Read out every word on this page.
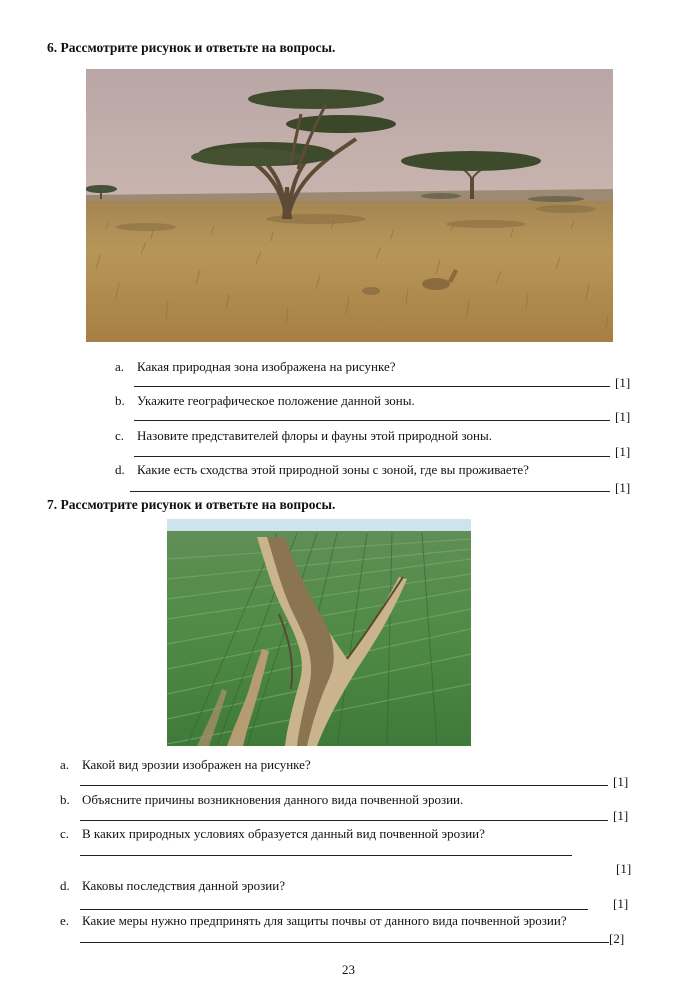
6. Рассмотрите рисунок и ответьте на вопросы.
a. Какая природная зона изображена на рисунке?
[1]
b. Укажите географическое положение данной зоны.
[1]
c. Назовите представителей флоры и фауны этой природной зоны.
[1]
d. Какие есть сходства этой природной зоны с зоной, где вы проживаете?
[1]
7. Рассмотрите рисунок и ответьте на вопросы.
a. Какой вид эрозии изображен на рисунке?
[1]
b. Объясните причины возникновения данного вида почвенной эрозии.
[1]
c. В каких природных условиях образуется данный вид почвенной эрозии?
[1]
d. Каковы последствия данной эрозии?
[1]
e. Какие меры нужно предпринять для защиты почвы от данного вида почвенной эрозии?
[2]
23
